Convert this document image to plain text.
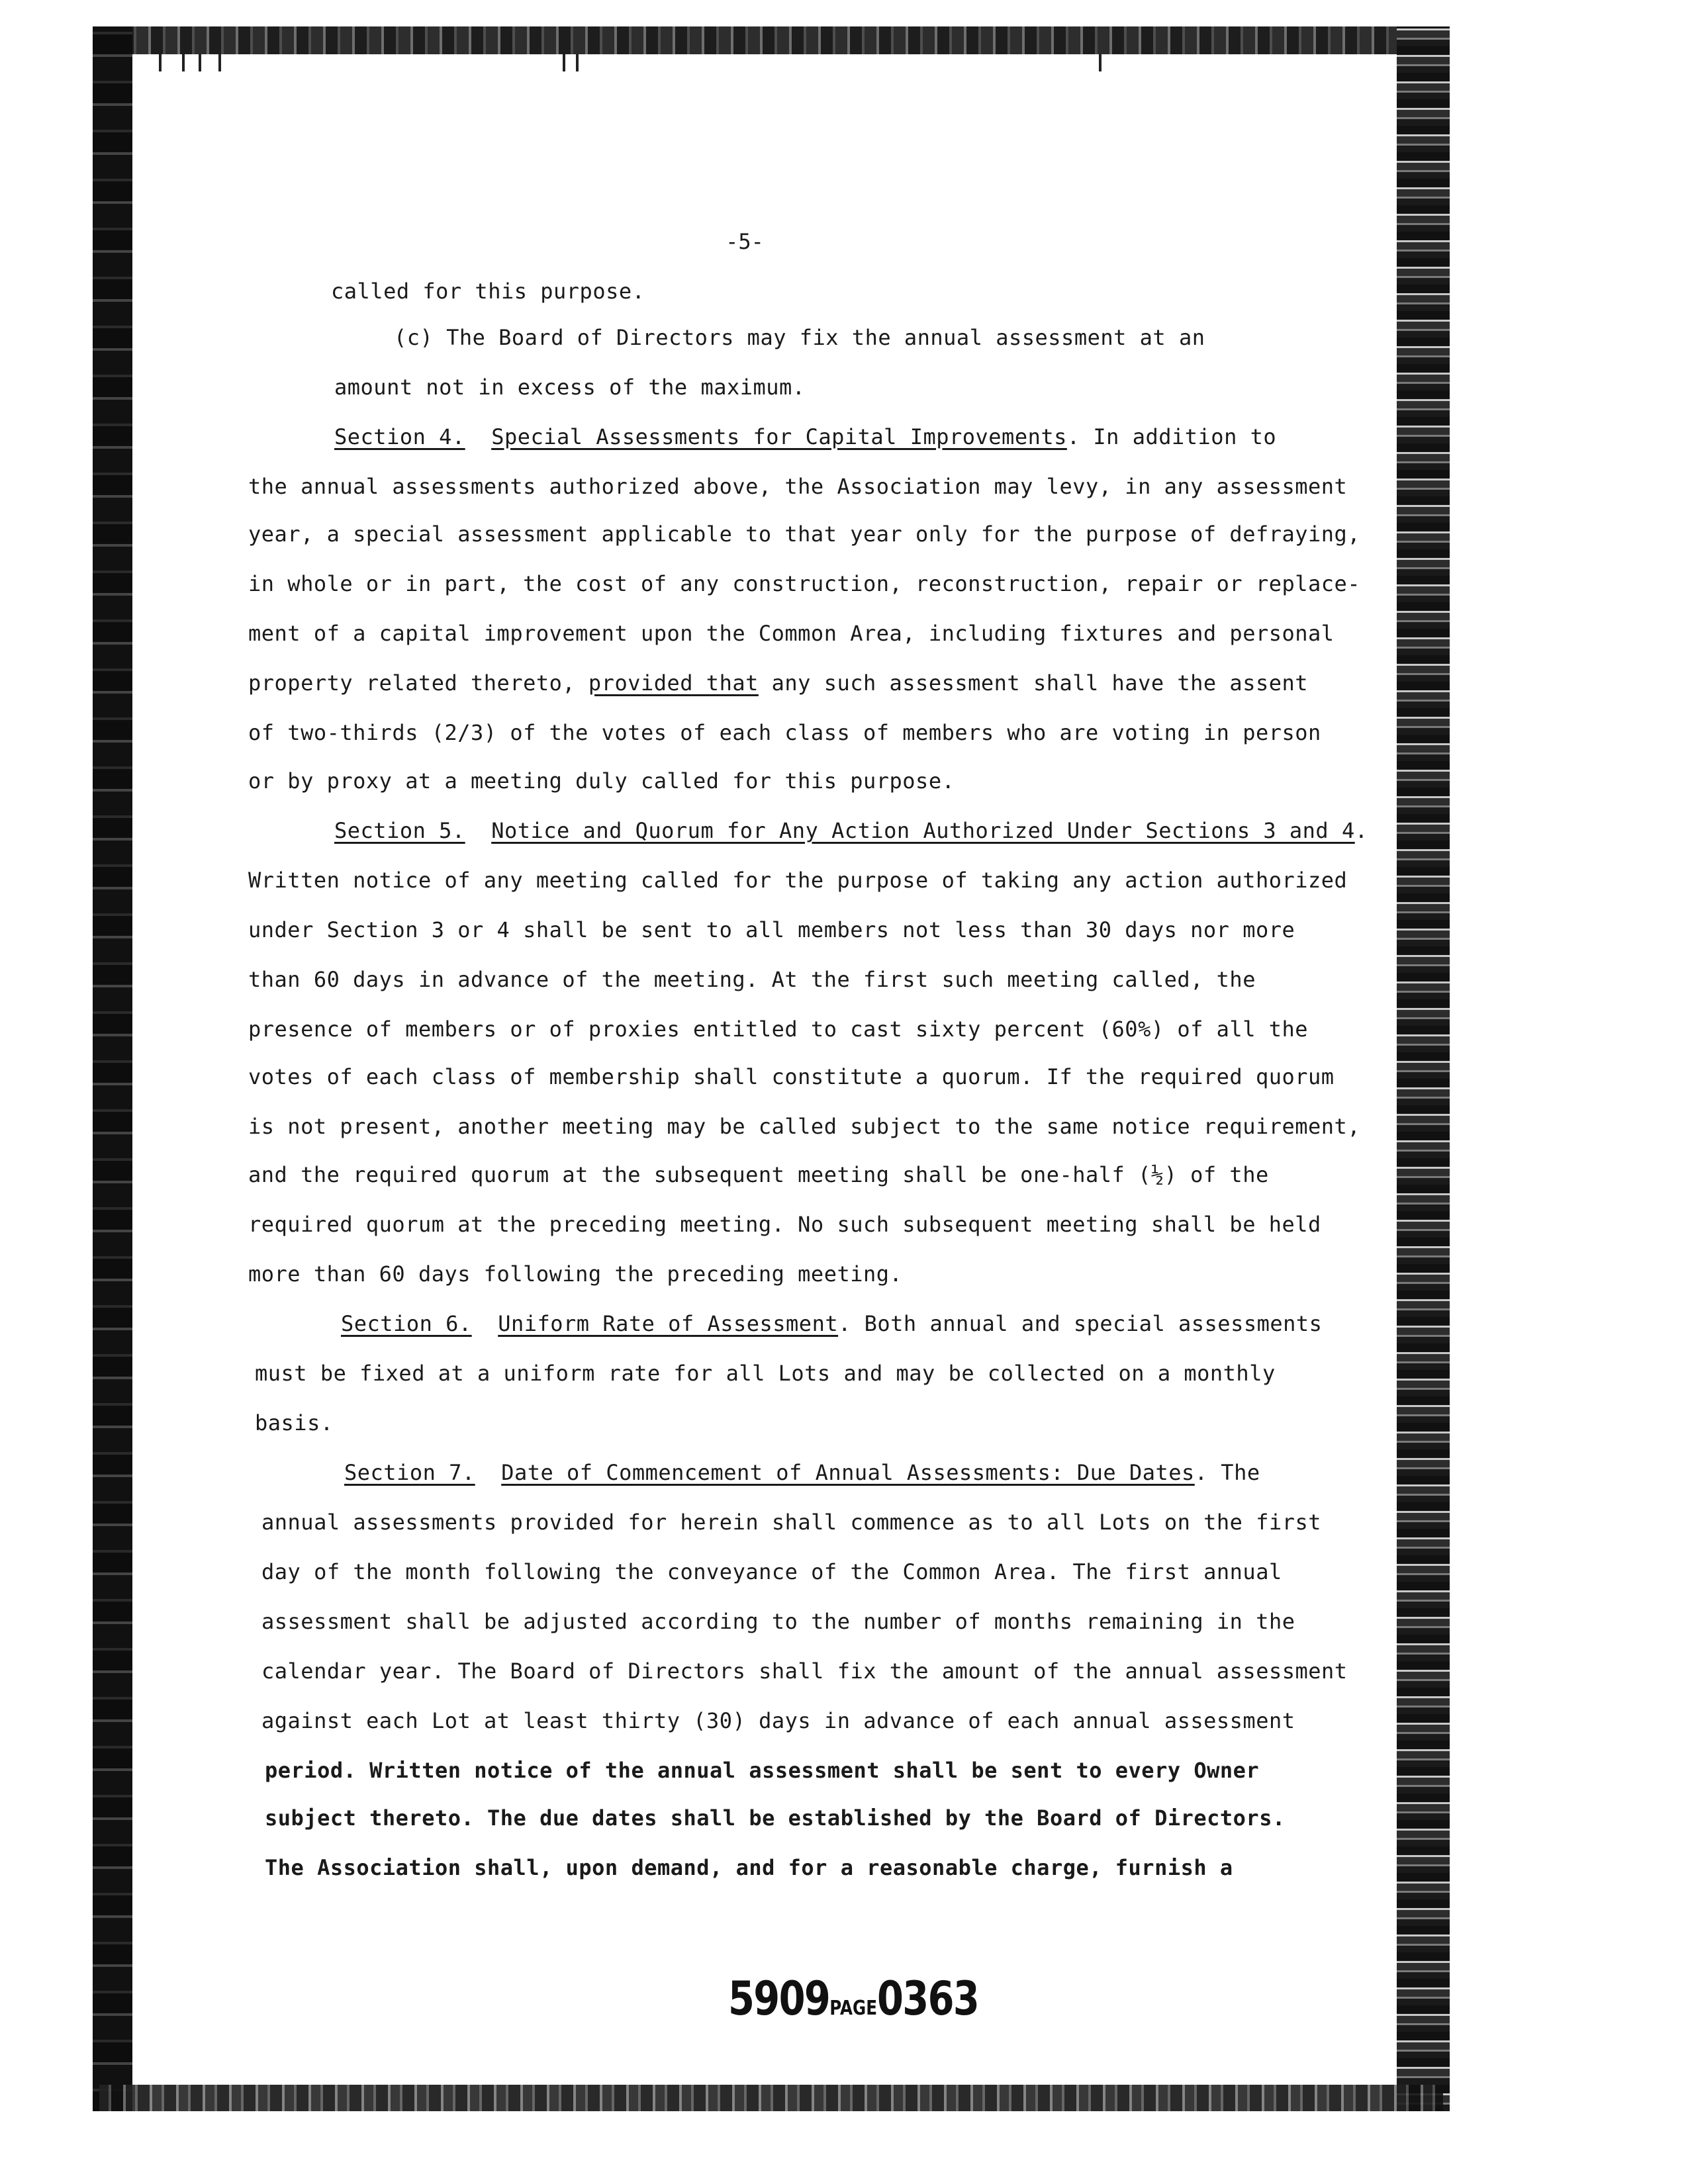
-5-
called for this purpose.
(c) The Board of Directors may fix the annual assessment at an
amount not in excess of the maximum.
Section 4. Special Assessments for Capital Improvements. In addition to
the annual assessments authorized above, the Association may levy, in any assessment
year, a special assessment applicable to that year only for the purpose of defraying,
in whole or in part, the cost of any construction, reconstruction, repair or replace-
ment of a capital improvement upon the Common Area, including fixtures and personal
property related thereto, provided that any such assessment shall have the assent
of two-thirds (2/3) of the votes of each class of members who are voting in person
or by proxy at a meeting duly called for this purpose.
Section 5. Notice and Quorum for Any Action Authorized Under Sections 3 and 4.
Written notice of any meeting called for the purpose of taking any action authorized
under Section 3 or 4 shall be sent to all members not less than 30 days nor more
than 60 days in advance of the meeting. At the first such meeting called, the
presence of members or of proxies entitled to cast sixty percent (60%) of all the
votes of each class of membership shall constitute a quorum. If the required quorum
is not present, another meeting may be called subject to the same notice requirement,
and the required quorum at the subsequent meeting shall be one-half (½) of the
required quorum at the preceding meeting. No such subsequent meeting shall be held
more than 60 days following the preceding meeting.
Section 6. Uniform Rate of Assessment. Both annual and special assessments
must be fixed at a uniform rate for all Lots and may be collected on a monthly
basis.
Section 7. Date of Commencement of Annual Assessments: Due Dates. The
annual assessments provided for herein shall commence as to all Lots on the first
day of the month following the conveyance of the Common Area. The first annual
assessment shall be adjusted according to the number of months remaining in the
calendar year. The Board of Directors shall fix the amount of the annual assessment
against each Lot at least thirty (30) days in advance of each annual assessment
period. Written notice of the annual assessment shall be sent to every Owner
subject thereto. The due dates shall be established by the Board of Directors.
The Association shall, upon demand, and for a reasonable charge, furnish a
5909PAGE0363
